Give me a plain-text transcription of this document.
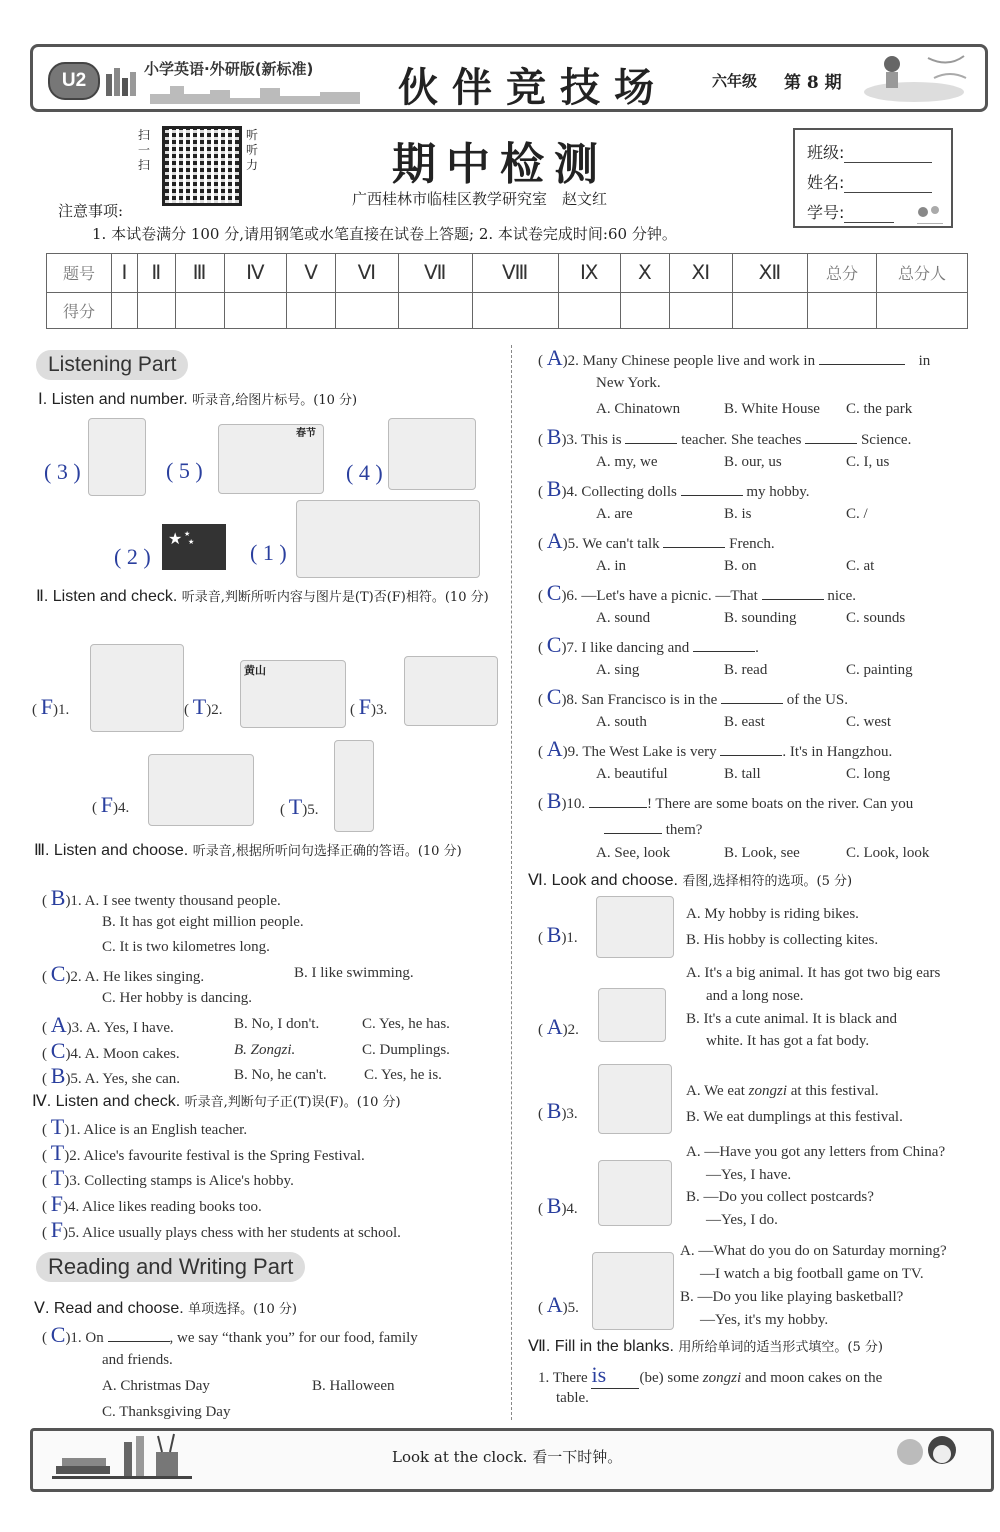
U2
小学英语·外研版(新标准) 伙伴竞技场	六年级 第 8 期
扫一扫
听听力	期中检测
广西桂林市临桂区教学研究室　赵文红
班级:
姓名:
学号:
注意事项:
1. 本试卷满分 100 分,请用钢笔或水笔直接在试卷上答题; 2. 本试卷完成时间:60 分钟。
题号	Ⅰ	Ⅱ	Ⅲ	Ⅳ	Ⅴ	Ⅵ	Ⅶ	Ⅷ	Ⅸ	Ⅹ	Ⅺ	Ⅻ	总分	总分人
得分														
Listening Part
Ⅰ. Listen and number. 听录音,给图片标号。(10 分)
( 3 )	( 5 )
春节
( 4 )
( 2 )
★ ★
★	( 1 )
Ⅱ. Listen and check. 听录音,判断所听内容与图片是(T)否(F)相符。(10 分)
( F)1.	( T)2.
黄山
( F)3.
( F)4.	( T)5.
Ⅲ. Listen and choose. 听录音,根据所听问句选择正确的答语。(10 分)
( B)1. A. I see twenty thousand people.
B. It has got eight million people.
C. It is two kilometres long.
( C)2. A. He likes singing.	B. I like swimming.
C. Her hobby is dancing.
( A)3. A. Yes, I have.	B. No, I don't.	C. Yes, he has.
( C)4. A. Moon cakes.	B. Zongzi.	C. Dumplings.
( B)5. A. Yes, she can.	B. No, he can't. C. Yes, he is.
Ⅳ. Listen and check. 听录音,判断句子正(T)误(F)。(10 分)
( T)1. Alice is an English teacher.
( T)2. Alice's favourite festival is the Spring Festival.
( T)3. Collecting stamps is Alice's hobby.
( F)4. Alice likes reading books too.
( F)5. Alice usually plays chess with her students at school.
Reading and Writing Part
Ⅴ. Read and choose. 单项选择。(10 分)
( C)1. On	, we say “thank you” for our food, family
and friends.
A. Christmas Day	B. Halloween
C. Thanksgiving Day
( A)2. Many Chinese people live and work in	in
New York.
A. Chinatown	B. White House C. the park
( B)3. This is	teacher. She teaches	Science.
A. my, we	B. our, us	C. I, us
( B)4. Collecting dolls	my hobby.
A. are	B. is	C. /
( A)5. We can't talk	French.
A. in	B. on	C. at
( C)6. —Let's have a picnic. —That	nice.
A. sound	B. sounding	C. sounds
( C)7. I like dancing and	.
A. sing	B. read	C. painting
( C)8. San Francisco is in the	of the US.
A. south	B. east	C. west
( A)9. The West Lake is very	. It's in Hangzhou.
A. beautiful	B. tall	C. long
( B)10.	! There are some boats on the river. Can you
them?
A. See, look	B. Look, see	C. Look, look
Ⅵ. Look and choose. 看图,选择相符的选项。(5 分)
( B)1.
A. My hobby is riding bikes.
B. His hobby is collecting kites.
A. It's a big animal. It has got two big ears
and a long nose.
( A)2.
B. It's a cute animal. It is black and
white. It has got a fat body.
( B)3.
A. We eat zongzi at this festival.
B. We eat dumplings at this festival.
A. —Have you got any letters from China?
—Yes, I have.
( B)4.
B. —Do you collect postcards?
—Yes, I do.
A. —What do you do on Saturday morning?
—I watch a big football game on TV.
( A)5.
B. —Do you like playing basketball?
—Yes, it's my hobby.
Ⅶ. Fill in the blanks. 用所给单词的适当形式填空。(5 分)
1. There is (be) some zongzi and moon cakes on the
table.
Look at the clock. 看一下时钟。
